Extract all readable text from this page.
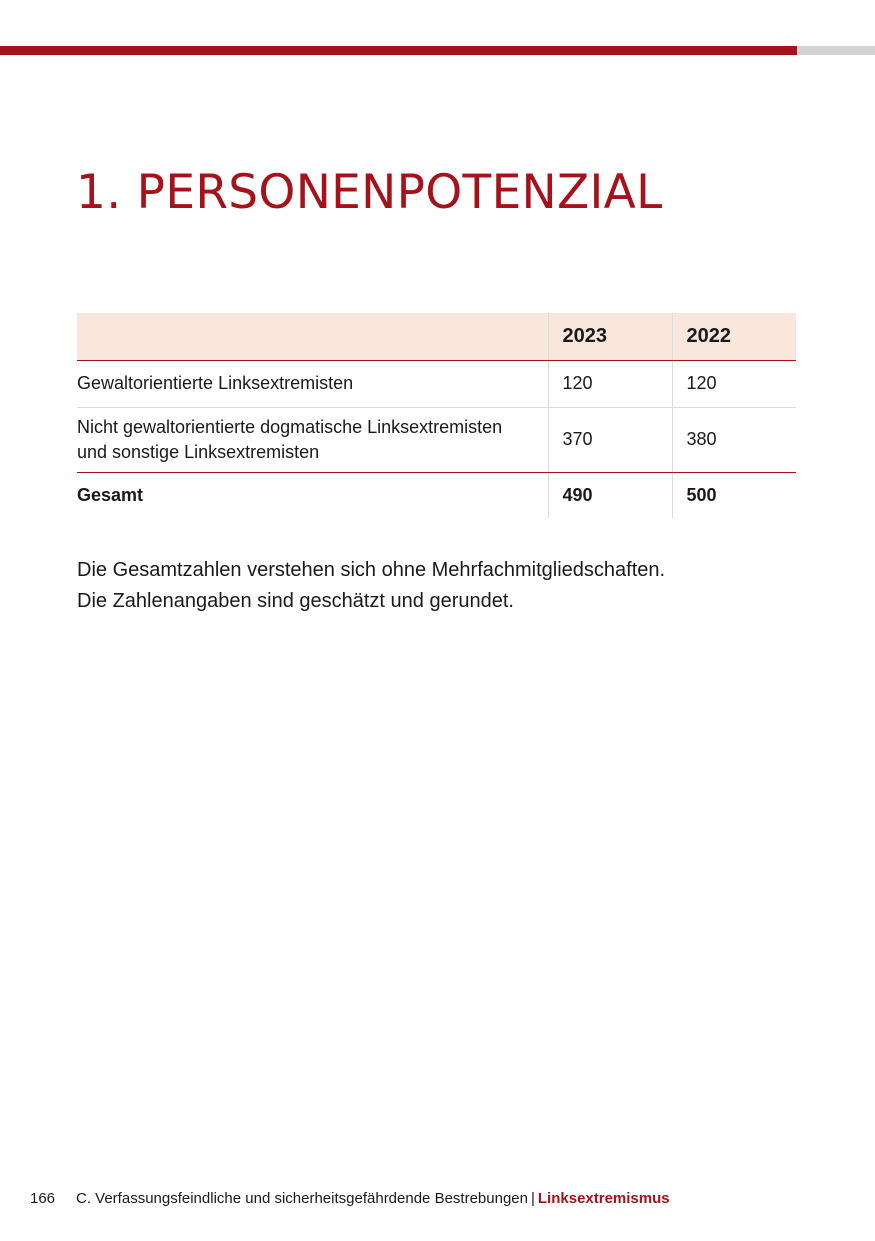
1. PERSONENPOTENZIAL
	2023	2022
Gewaltorientierte Linksextremisten	120	120
Nicht gewaltorientierte dogmatische Linksextremisten
und sonstige Linksextremisten	370	380
Gesamt	490	500

Die Gesamtzahlen verstehen sich ohne Mehrfachmitgliedschaften.

Die Zahlenangaben sind geschätzt und gerundet.

166 C. Verfassungsfeindliche und sicherheitsgefährdende Bestrebungen | Linksextremismus
